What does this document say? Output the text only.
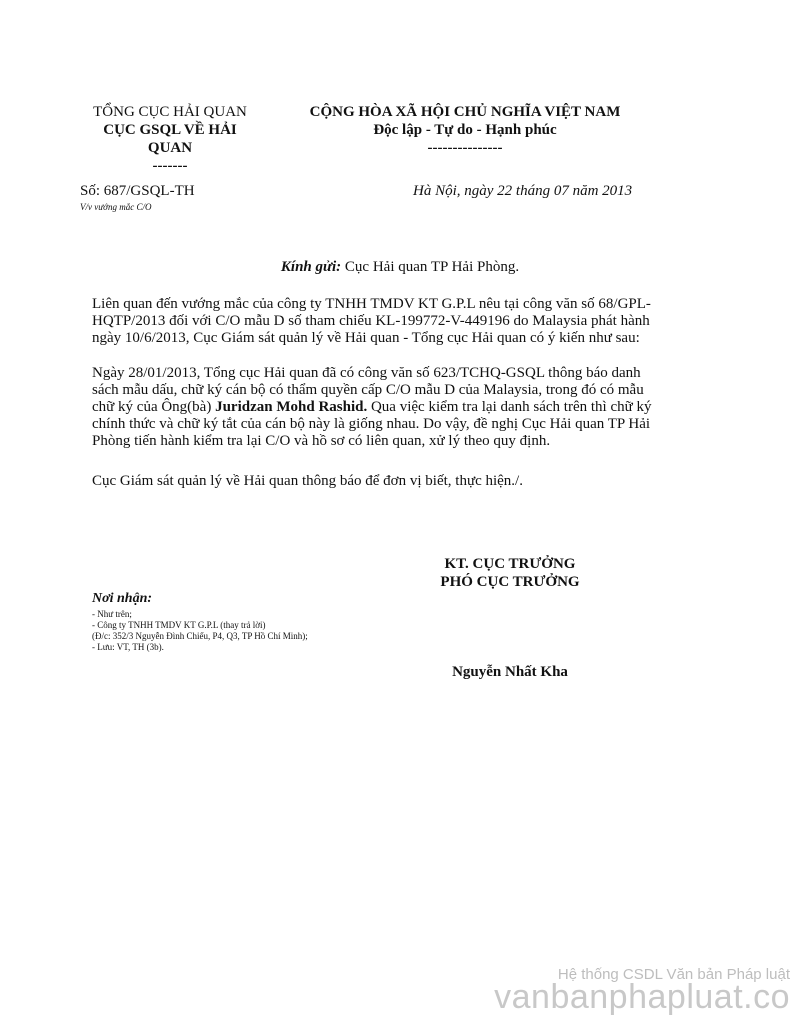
TỔNG CỤC HẢI QUAN
CỤC GSQL VỀ HẢI
QUAN
-------
CỘNG HÒA XÃ HỘI CHỦ NGHĨA VIỆT NAM
Độc lập - Tự do - Hạnh phúc
---------------
Số: 687/GSQL-TH
V/v vướng mắc C/O
Hà Nội, ngày 22 tháng 07 năm 2013
Kính gửi: Cục Hải quan TP Hải Phòng.

Liên quan đến vướng mắc của công ty TNHH TMDV KT G.P.L nêu tại công văn số 68/GPL-HQTP/2013 đối với C/O mẫu D số tham chiếu KL-199772-V-449196 do Malaysia phát hành ngày 10/6/2013, Cục Giám sát quản lý về Hải quan - Tổng cục Hải quan có ý kiến như sau:

Ngày 28/01/2013, Tổng cục Hải quan đã có công văn số 623/TCHQ-GSQL thông báo danh sách mẫu dấu, chữ ký cán bộ có thẩm quyền cấp C/O mẫu D của Malaysia, trong đó có mẫu chữ ký của Ông(bà) Juridzan Mohd Rashid. Qua việc kiểm tra lại danh sách trên thì chữ ký chính thức và chữ ký tắt của cán bộ này là giống nhau. Do vậy, đề nghị Cục Hải quan TP Hải Phòng tiến hành kiểm tra lại C/O và hồ sơ có liên quan, xử lý theo quy định.

Cục Giám sát quản lý về Hải quan thông báo để đơn vị biết, thực hiện./.

KT. CỤC TRƯỞNG
PHÓ CỤC TRƯỞNG
Nguyễn Nhất Kha
Nơi nhận:
- Như trên;
- Công ty TNHH TMDV KT G.P.L (thay trả lời)
(Đ/c: 352/3 Nguyễn Đình Chiểu, P4, Q3, TP Hồ Chí Minh);
- Lưu: VT, TH (3b).
Hệ thống CSDL Văn bản Pháp luật
vanbanphapluat.co
